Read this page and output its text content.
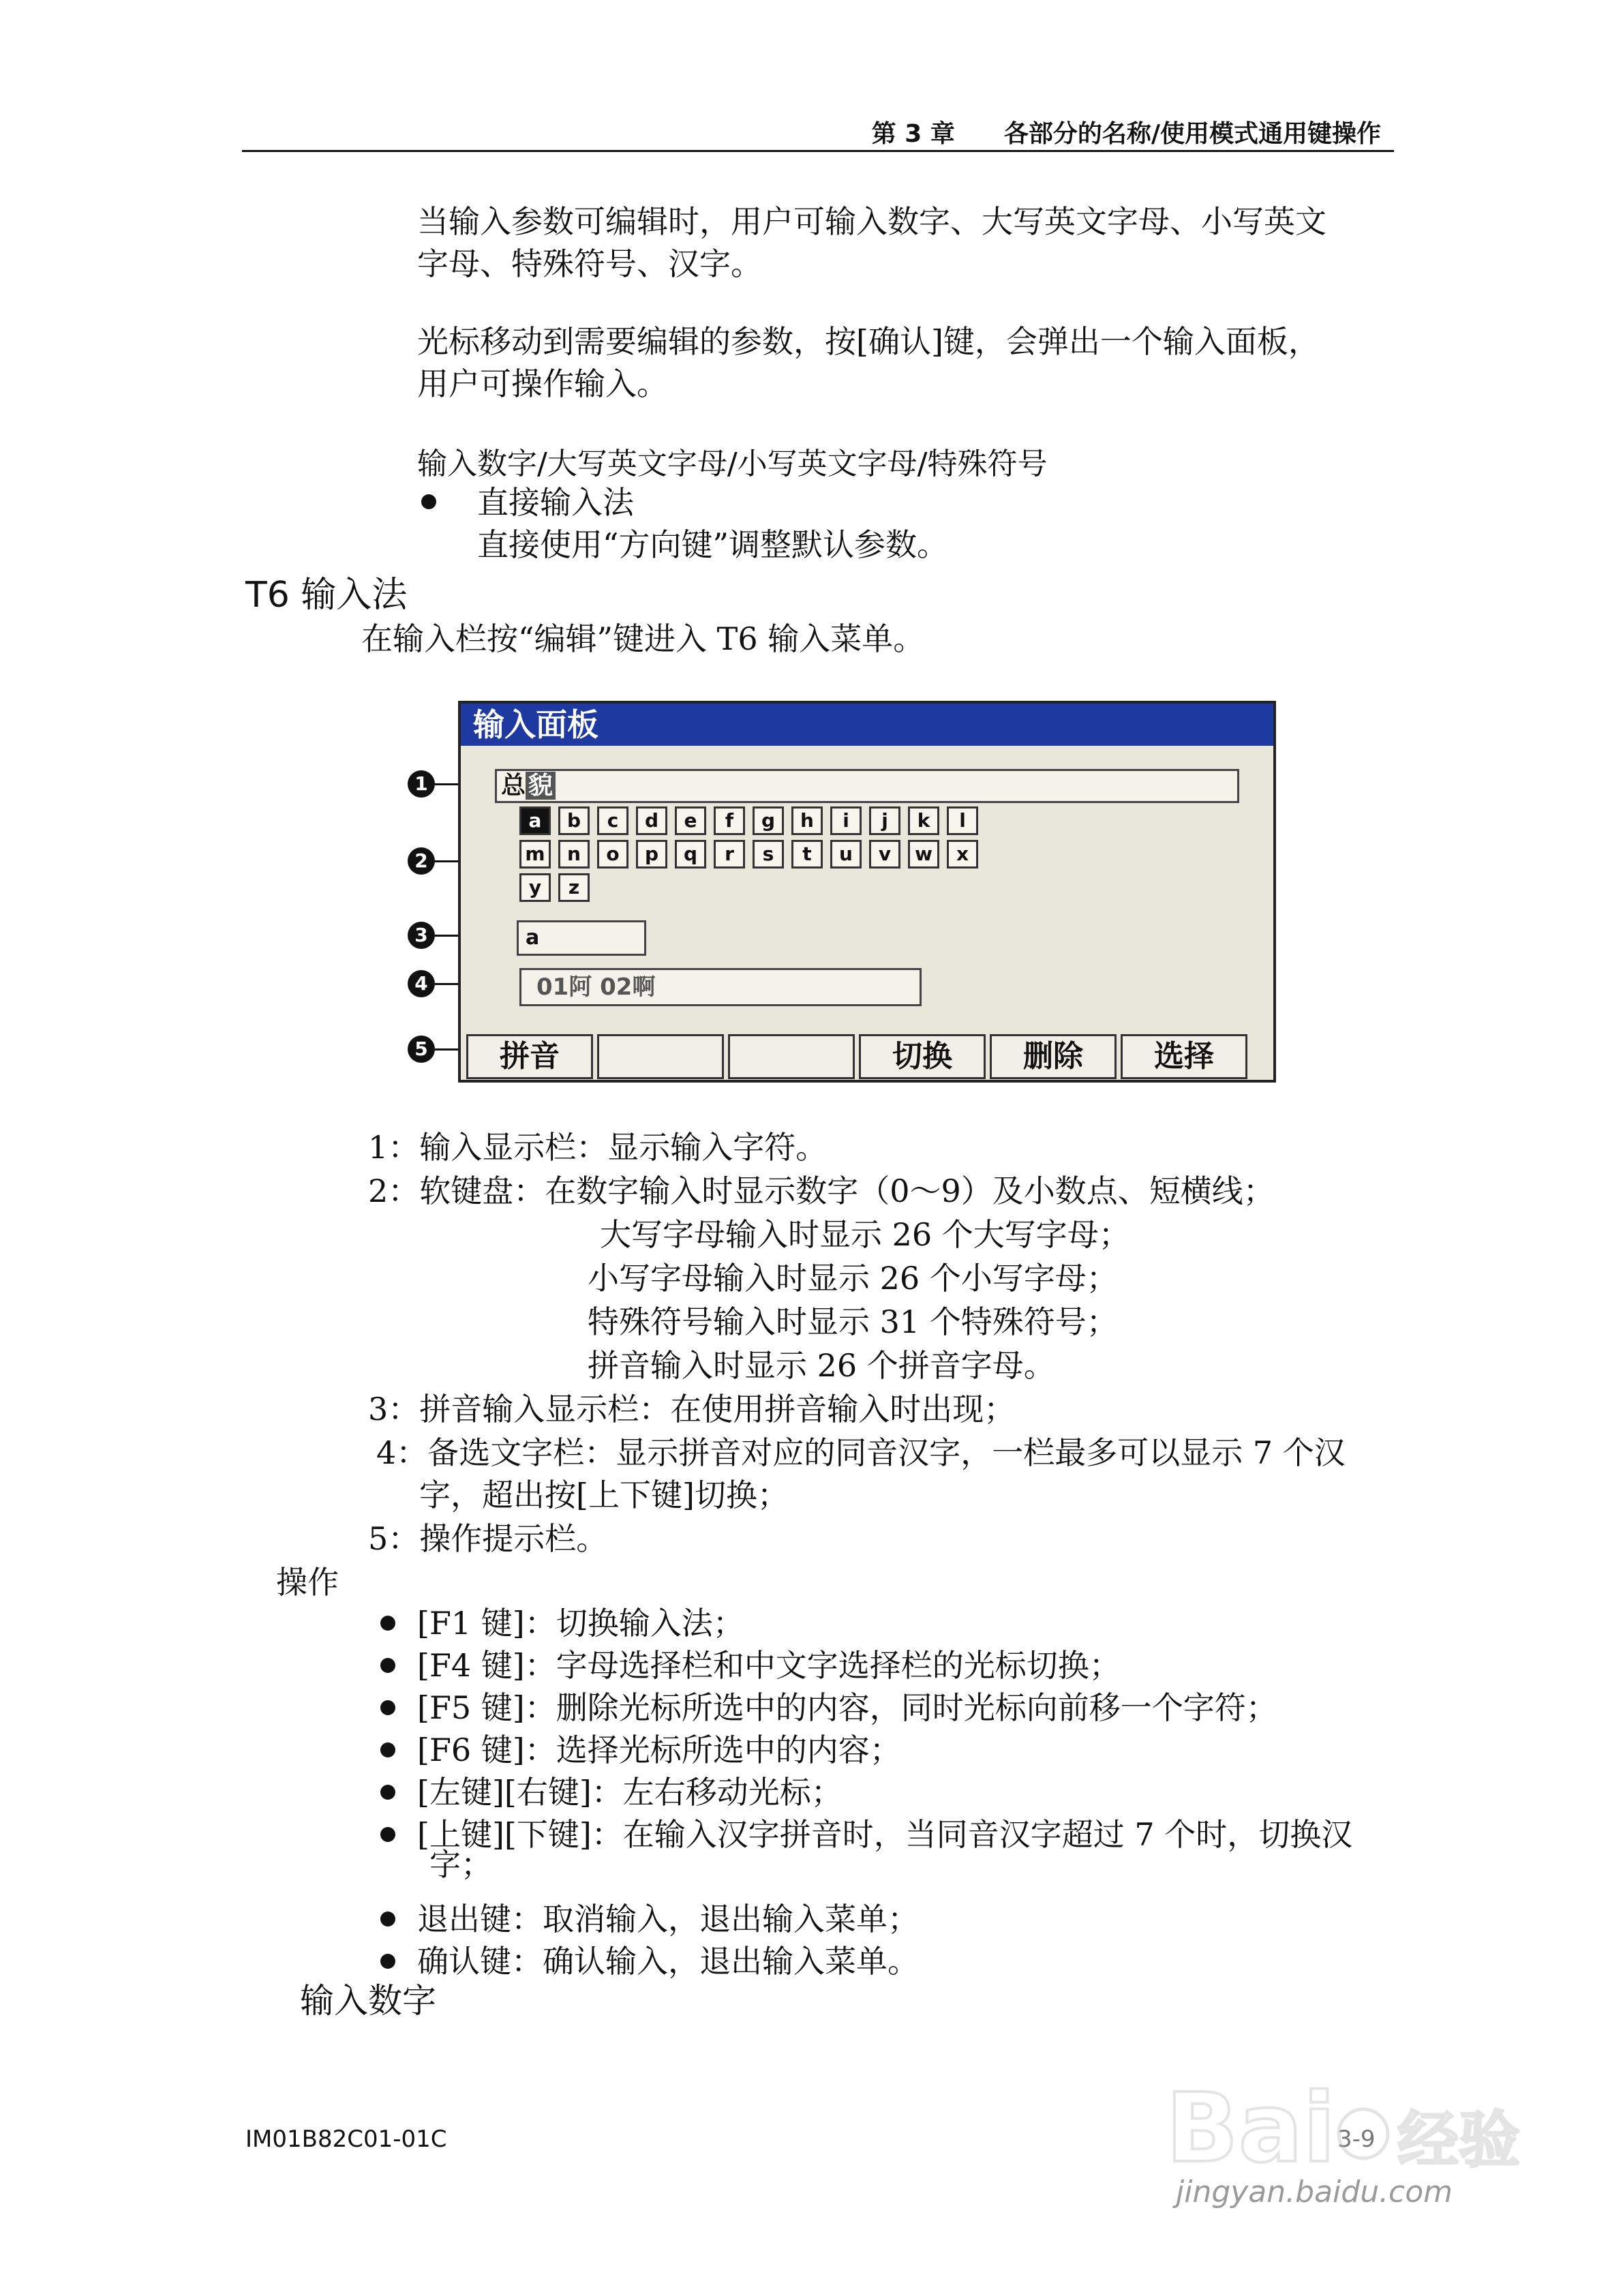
第 3 章　　各部分的名称/使用模式通用键操作
当输入参数可编辑时，用户可输入数字、大写英文字母、小写英文
字母、特殊符号、汉字。
光标移动到需要编辑的参数，按[确认]键，会弹出一个输入面板，
用户可操作输入。
输入数字/大写英文字母/小写英文字母/特殊符号
直接输入法
直接使用“方向键”调整默认参数。
T6 输入法
在输入栏按“编辑”键进入 T6 输入菜单。
1
2
3
4
5
输入面板
总 貌
a	b	c	d	e	f	g	h	i	j	k	l
m	n	o	p	q	r	s	t	u	v	w	x
y	z
a
01阿 02啊
拼音	切换	删除	选择
1：输入显示栏：显示输入字符。
2：软键盘：在数字输入时显示数字（0～9）及小数点、短横线；
大写字母输入时显示 26 个大写字母；
小写字母输入时显示 26 个小写字母；
特殊符号输入时显示 31 个特殊符号；
拼音输入时显示 26 个拼音字母。
3：拼音输入显示栏：在使用拼音输入时出现；
4：备选文字栏：显示拼音对应的同音汉字，一栏最多可以显示 7 个汉
字，超出按[上下键]切换；
5：操作提示栏。
操作
[F1 键]：切换输入法；
[F4 键]：字母选择栏和中文字选择栏的光标切换；
[F5 键]：删除光标所选中的内容，同时光标向前移一个字符；
[F6 键]：选择光标所选中的内容；
[左键][右键]：左右移动光标；
[上键][下键]：在输入汉字拼音时，当同音汉字超过 7 个时，切换汉
退出键：取消输入，退出输入菜单；
确认键：确认输入，退出输入菜单。
字；
输入数字
IM01B82C01-01C	3-9
Bai 经验
jingyan.baidu.com
